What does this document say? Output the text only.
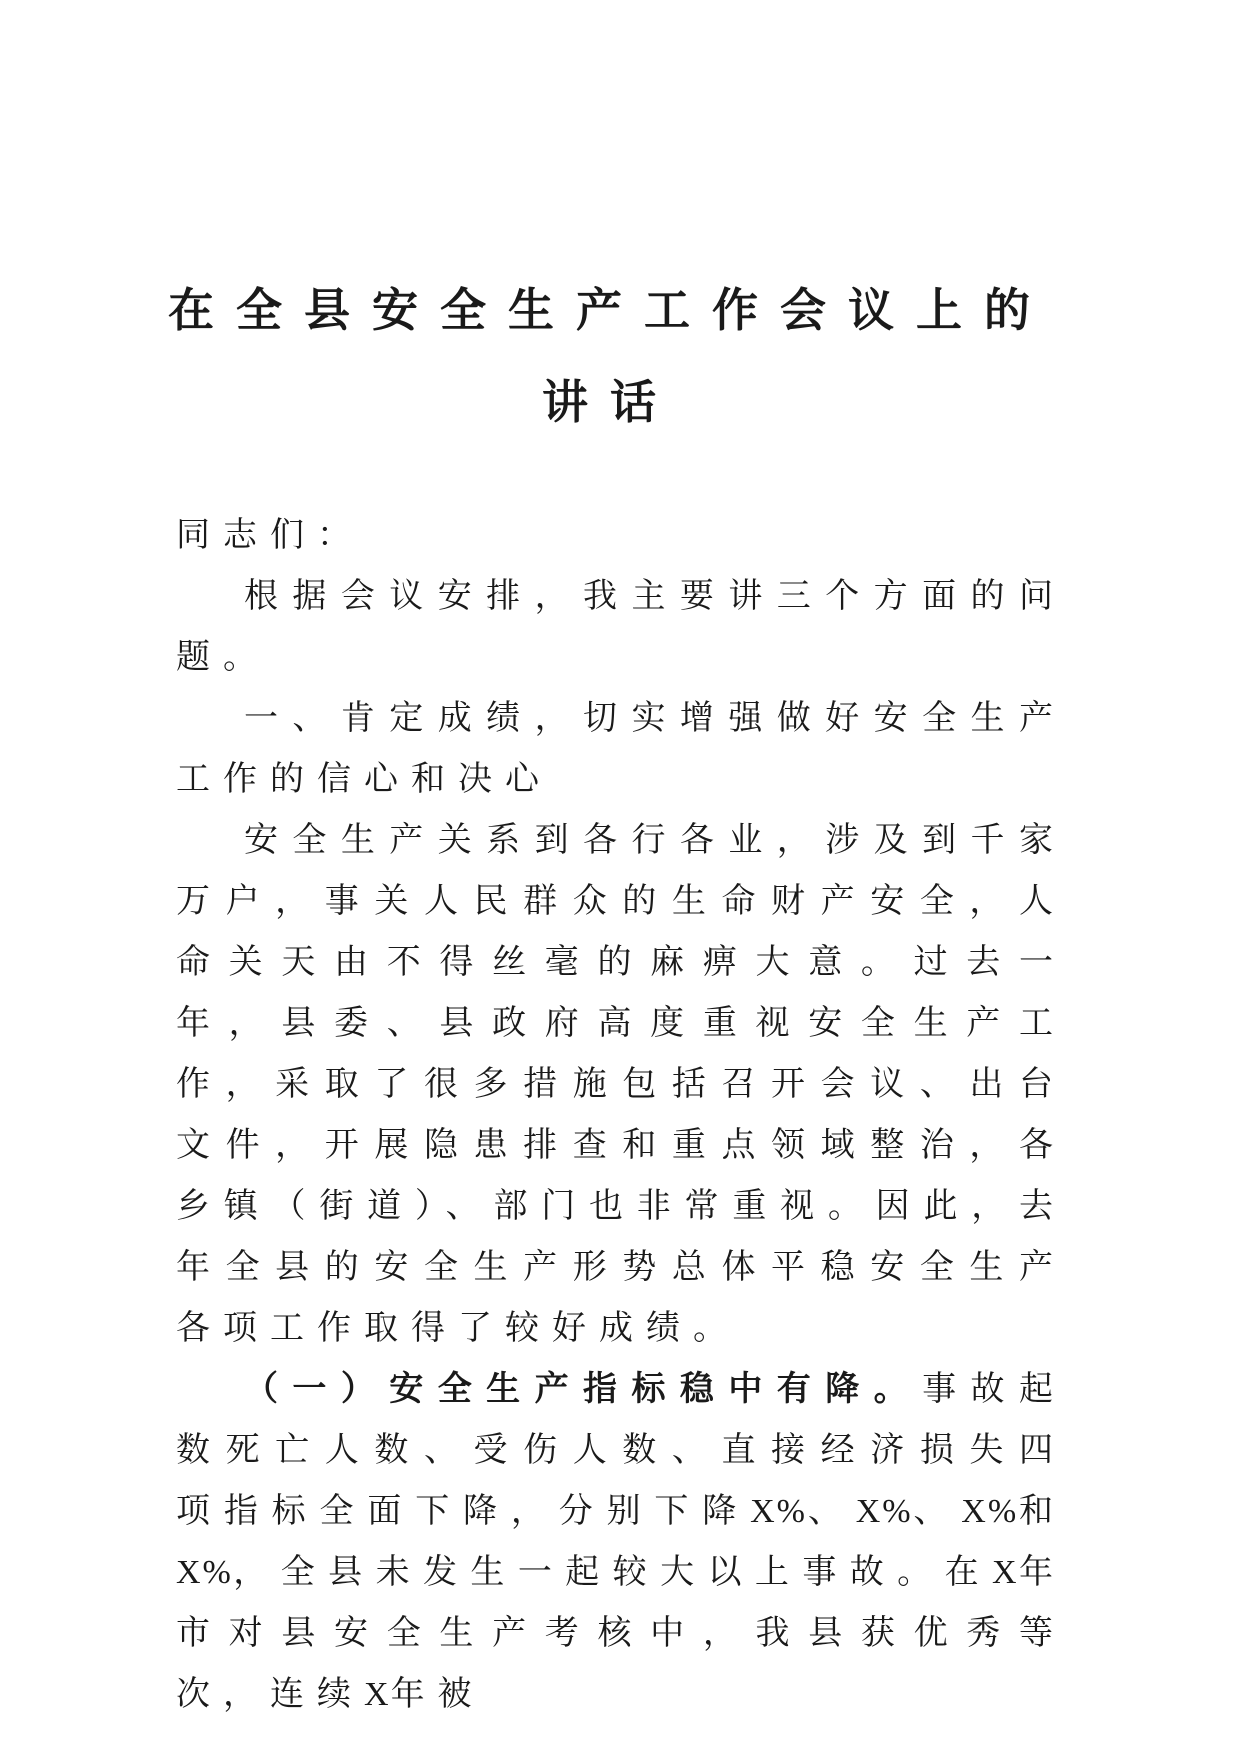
在全县安全生产工作会议上的
讲话

同志们：

根据会议安排，我主要讲三个方面的问题。

一、肯定成绩，切实增强做好安全生产工作的信心和决心

安全生产关系到各行各业，涉及到千家万户，事关人民群众的生命财产安全，人命关天由不得丝毫的麻痹大意。过去一年，县委、县政府高度重视安全生产工作，采取了很多措施包括召开会议、出台文件，开展隐患排查和重点领域整治，各乡镇（街道）、部门也非常重视。因此，去年全县的安全生产形势总体平稳安全生产各项工作取得了较好成绩。

（一）安全生产指标稳中有降。事故起数死亡人数、受伤人数、直接经济损失四项指标全面下降，分别下降X%、X%、X%和X%，全县未发生一起较大以上事故。在X年市对县安全生产考核中，我县获优秀等次，连续X年被
